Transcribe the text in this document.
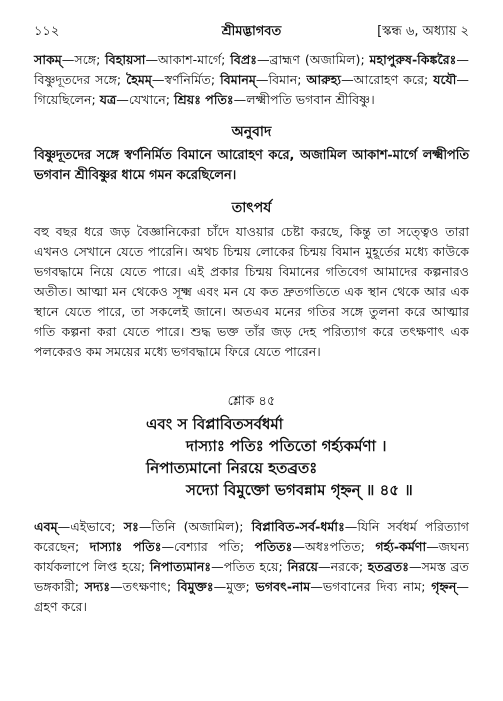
১১২	শ্রীমদ্ভাগবত	[স্কন্ধ ৬, অধ্যায় ২
সাকম্—সঙ্গে; বিহায়সা—আকাশ-মার্গে; বিপ্রঃ—ব্রাহ্মণ (অজামিল); মহাপুরুষ-কিঙ্করৈঃ—বিষ্ণুদূতদের সঙ্গে; হৈমম্—স্বর্ণনির্মিত; বিমানম্—বিমান; আরুহ্য—আরোহণ করে; যযৌ—গিয়েছিলেন; যত্র—যেখানে; শ্রিয়ঃ পতিঃ—লক্ষ্মীপতি ভগবান শ্রীবিষ্ণু।
অনুবাদ
বিষ্ণুদূতদের সঙ্গে স্বর্ণনির্মিত বিমানে আরোহণ করে, অজামিল আকাশ-মার্গে লক্ষ্মীপতি ভগবান শ্রীবিষ্ণুর ধামে গমন করেছিলেন।
তাৎপর্য
বহু বছর ধরে জড় বৈজ্ঞানিকেরা চাঁদে যাওয়ার চেষ্টা করছে, কিন্তু তা সত্ত্বেও তারা এখনও সেখানে যেতে পারেনি। অথচ চিন্ময় লোকের চিন্ময় বিমান মুহূর্তের মধ্যে কাউকে ভগবদ্ধামে নিয়ে যেতে পারে। এই প্রকার চিন্ময় বিমানের গতিবেগ আমাদের কল্পনারও অতীত। আত্মা মন থেকেও সূক্ষ্ম এবং মন যে কত দ্রুতগতিতে এক স্থান থেকে আর এক স্থানে যেতে পারে, তা সকলেই জানে। অতএব মনের গতির সঙ্গে তুলনা করে আত্মার গতি কল্পনা করা যেতে পারে। শুদ্ধ ভক্ত তাঁর জড় দেহ পরিত্যাগ করে তৎক্ষণাৎ এক পলকেরও কম সময়ের মধ্যে ভগবদ্ধামে ফিরে যেতে পারেন।
শ্লোক ৪৫
এবং স বিপ্লাবিতসর্বধর্মা
দাস্যাঃ পতিঃ পতিতো গর্হ্যকর্মণা ।
নিপাত্যমানো নিরয়ে হতব্রতঃ
সদ্যো বিমুক্তো ভগবন্নাম গৃহ্নন্ ॥ ৪৫ ॥
এবম্—এইভাবে; সঃ—তিনি (অজামিল); বিপ্লাবিত-সর্ব-ধর্মাঃ—যিনি সর্বধর্ম পরিত্যাগ করেছেন; দাস্যাঃ পতিঃ—বেশ্যার পতি; পতিতঃ—অধঃপতিত; গর্হ্য-কর্মণা—জঘন্য কার্যকলাপে লিপ্ত হয়ে; নিপাত্যমানঃ—পতিত হয়ে; নিরয়ে—নরকে; হতব্রতঃ—সমস্ত ব্রত ভঙ্গকারী; সদ্যঃ—তৎক্ষণাৎ; বিমুক্তঃ—মুক্ত; ভগবৎ-নাম—ভগবানের দিব্য নাম; গৃহ্নন্—গ্রহণ করে।
